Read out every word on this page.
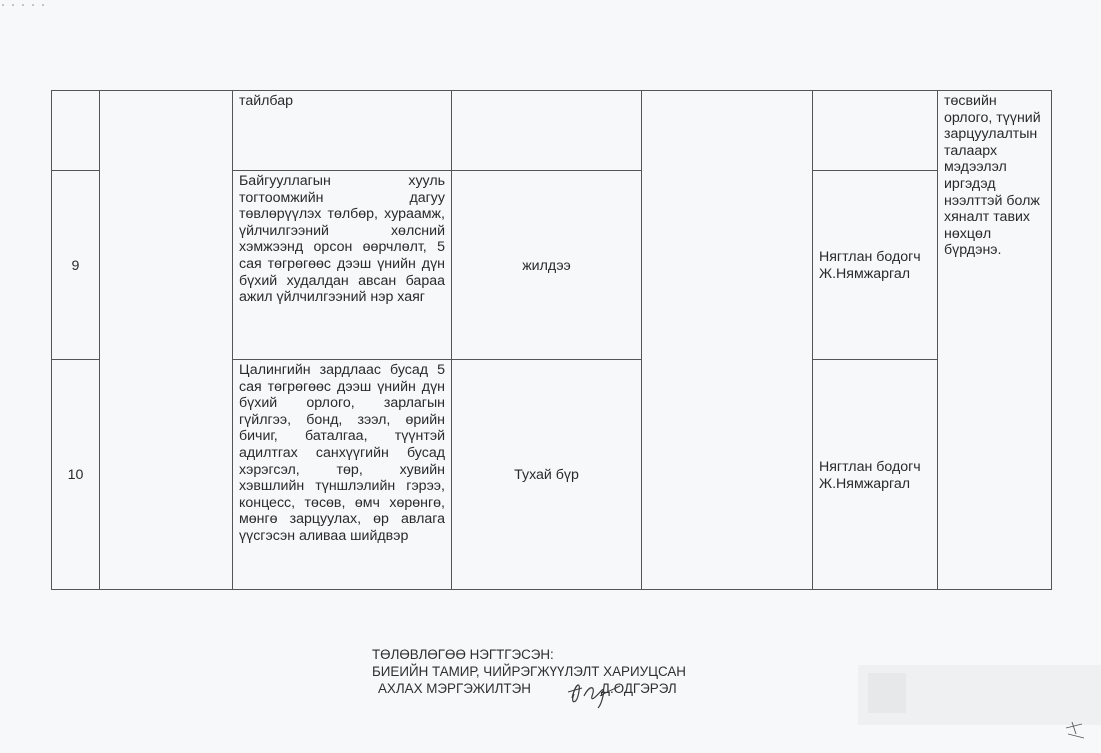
		тайлбар				төсвийн орлого, түүний зарцуулалтын талаарх мэдээлэл иргэдэд нээлттэй болж хяналт тавих нөхцөл бүрдэнэ.
9		Байгууллагын хууль тогтоомжийн дагуу төвлөрүүлэх төлбөр, хураамж, үйлчилгээний хөлсний хэмжээнд орсон өөрчлөлт, 5 сая төгрөгөөс дээш үнийн дүн бүхий худалдан авсан бараа ажил үйлчилгээний нэр хаяг	жилдээ		Нягтлан бодогч Ж.Нямжаргал	
10		Цалингийн зардлаас бусад 5 сая төгрөгөөс дээш үнийн дүн бүхий орлого, зарлагын гүйлгээ, бонд, зээл, өрийн бичиг, баталгаа, түүнтэй адилтгах санхүүгийн бусад хэрэгсэл, төр, хувийн хэвшлийн түншлэлийн гэрээ, концесс, төсөв, өмч хөрөнгө, мөнгө зарцуулах, өр авлага үүсгэсэн аливаа шийдвэр	Тухай бүр		Нягтлан бодогч Ж.Нямжаргал	
ТӨЛӨВЛӨГӨӨ НЭГТГЭСЭН:
БИЕИЙН ТАМИР, ЧИЙРЭГЖҮҮЛЭЛТ ХАРИУЦСАН
АХЛАХ МЭРГЭЖИЛТЭН	Д.ОДГЭРЭЛ
